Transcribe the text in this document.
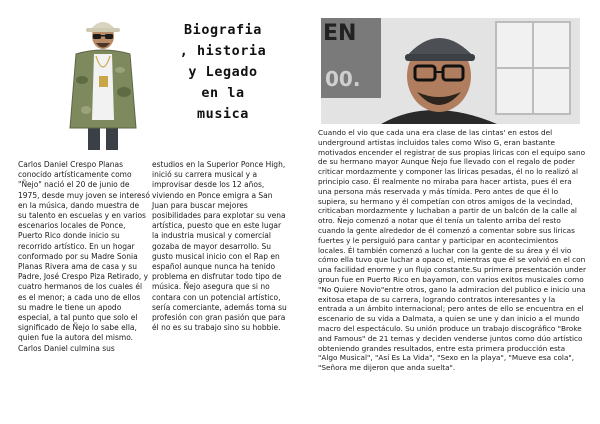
Biografia
, historia
y Legado
en la
musica
EN
00.

Carlos Daniel Crespo Planas conocido artísticamente como "Ñejo" nació el 20 de junio de 1975, desde muy joven se interesó en la música, dando muestra de su talento en escuelas y en varios escenarios locales de Ponce, Puerto Rico donde inicio su recorrido artístico. En un hogar conformado por su Madre Sonia Planas Rivera ama de casa y su Padre, José Crespo Piza Retirado, y cuatro hermanos de los cuales él es el menor; a cada uno de ellos su madre le tiene un apodo especial, a tal punto que solo el significado de Ñejo lo sabe ella, quien fue la autora del mismo.

Carlos Daniel culmina sus

estudios en la Superior Ponce High, inició su carrera musical y a improvisar desde los 12 años, viviendo en Ponce emigra a San Juan para buscar mejores posibilidades para explotar su vena artística, puesto que en este lugar la industria musical y comercial gozaba de mayor desarrollo. Su gusto musical inicio con el Rap en español aunque nunca ha tenido problema en disfrutar todo tipo de música. Ñejo asegura que si no contara con un potencial artístico, sería comerciante, además toma su profesión con gran pasión que para él no es su trabajo sino su hobbie.

Cuando el vio que cada una era clase de las cintas' en estos del underground artistas incluidos tales como Wiso G, eran bastante motivados encender el registrar de sus propias liricas con el equipo sano de su hermano mayor Aunque Ñejo fue llevado con el regalo de poder criticar mordazmente y componer las liricas pesadas, él no lo realizó al principio caso. Él realmente no miraba para hacer artista, pues él era una persona más reservada y más tímida. Pero antes de que él lo supiera, su hermano y él competían con otros amigos de la vecindad, criticaban mordazmente y luchaban a partir de un balcón de la calle al otro. Ñejo comenzó a notar que él tenía un talento arriba del resto cuando la gente alrededor de él comenzó a comentar sobre sus liricas fuertes y le persiguió para cantar y participar en acontecimientos locales. Él también comenzó a luchar con la gente de su área y él vio cómo ella tuvo que luchar a opaco el, mientras que él se volvió en el con una facilidad enorme y un flujo constante.Su primera presentación under groun fue en Puerto Rico en bayamon, con varios exitos musicales como "No Quiere Novio"entre otros, gano la admiracion del publico e inicio una exitosa etapa de su carrera, logrando contratos interesantes y la entrada a un ámbito internacional; pero antes de ello se encuentra en el escenario de su vida a Dalmata, a quien se une y dan inicio a el mundo macro del espectáculo. Su unión produce un trabajo discográfico "Broke and Famous" de 21 temas y deciden venderse juntos como dúo artístico obteniendo grandes resultados, entre esta primera producción esta "Algo Musical", "Así Es La Vida", "Sexo en la playa", "Mueve esa cola", "Señora me dijeron que anda suelta".
